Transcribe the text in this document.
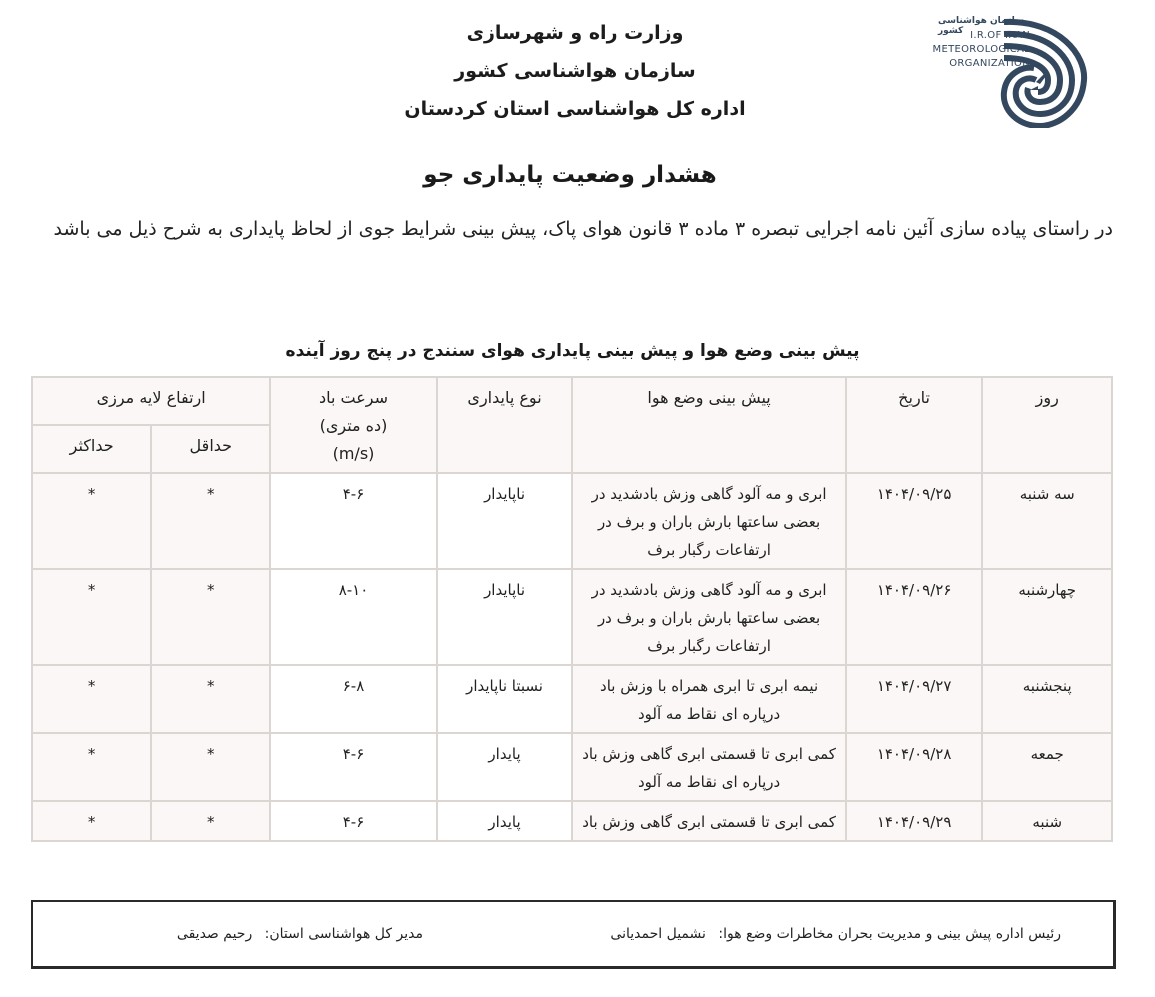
وزارت راه و شهرسازی
سازمان هواشناسی کشور
اداره کل هواشناسی استان کردستان
سازمان هواشناسی کشور I.R.OF IRAN
METEOROLOGICAL
ORGANIZATION
هشدار وضعیت پایداری جو
در راستای پیاده سازی آئین نامه اجرایی تبصره ۳ ماده ۳ قانون هوای پاک، پیش بینی شرایط جوی از لحاظ پایداری به شرح ذیل می باشد
پیش بینی وضع هوا و پیش بینی پایداری هوای سنندج در پنج روز آینده
روز	تاریخ	پیش بینی وضع هوا	نوع پایداری	سرعت باد
(ده متری)
(m/s)	ارتفاع لایه مرزی	
					حداقل	حداکثر
سه شنبه	۱۴۰۴/۰۹/۲۵	ابری و مه آلود گاهی وزش بادشدید در بعضی ساعتها بارش باران و برف در ارتفاعات رگبار برف	ناپایدار	۴-۶	*	*
چهارشنبه	۱۴۰۴/۰۹/۲۶	ابری و مه آلود گاهی وزش بادشدید در بعضی ساعتها بارش باران و برف در ارتفاعات رگبار برف	ناپایدار	۸-۱۰	*	*
پنجشنبه	۱۴۰۴/۰۹/۲۷	نیمه ابری تا ابری همراه با وزش باد درپاره ای نقاط مه آلود	نسبتا ناپایدار	۶-۸	*	*
جمعه	۱۴۰۴/۰۹/۲۸	کمی ابری تا قسمتی ابری گاهی وزش باد درپاره ای نقاط مه آلود	پایدار	۴-۶	*	*
شنبه	۱۴۰۴/۰۹/۲۹	کمی ابری تا قسمتی ابری گاهی وزش باد	پایدار	۴-۶	*	*
رئیس اداره پیش بینی و مدیریت بحران مخاطرات وضع هوا: نشمیل احمدیانی
مدیر کل هواشناسی استان: رحیم صدیقی
